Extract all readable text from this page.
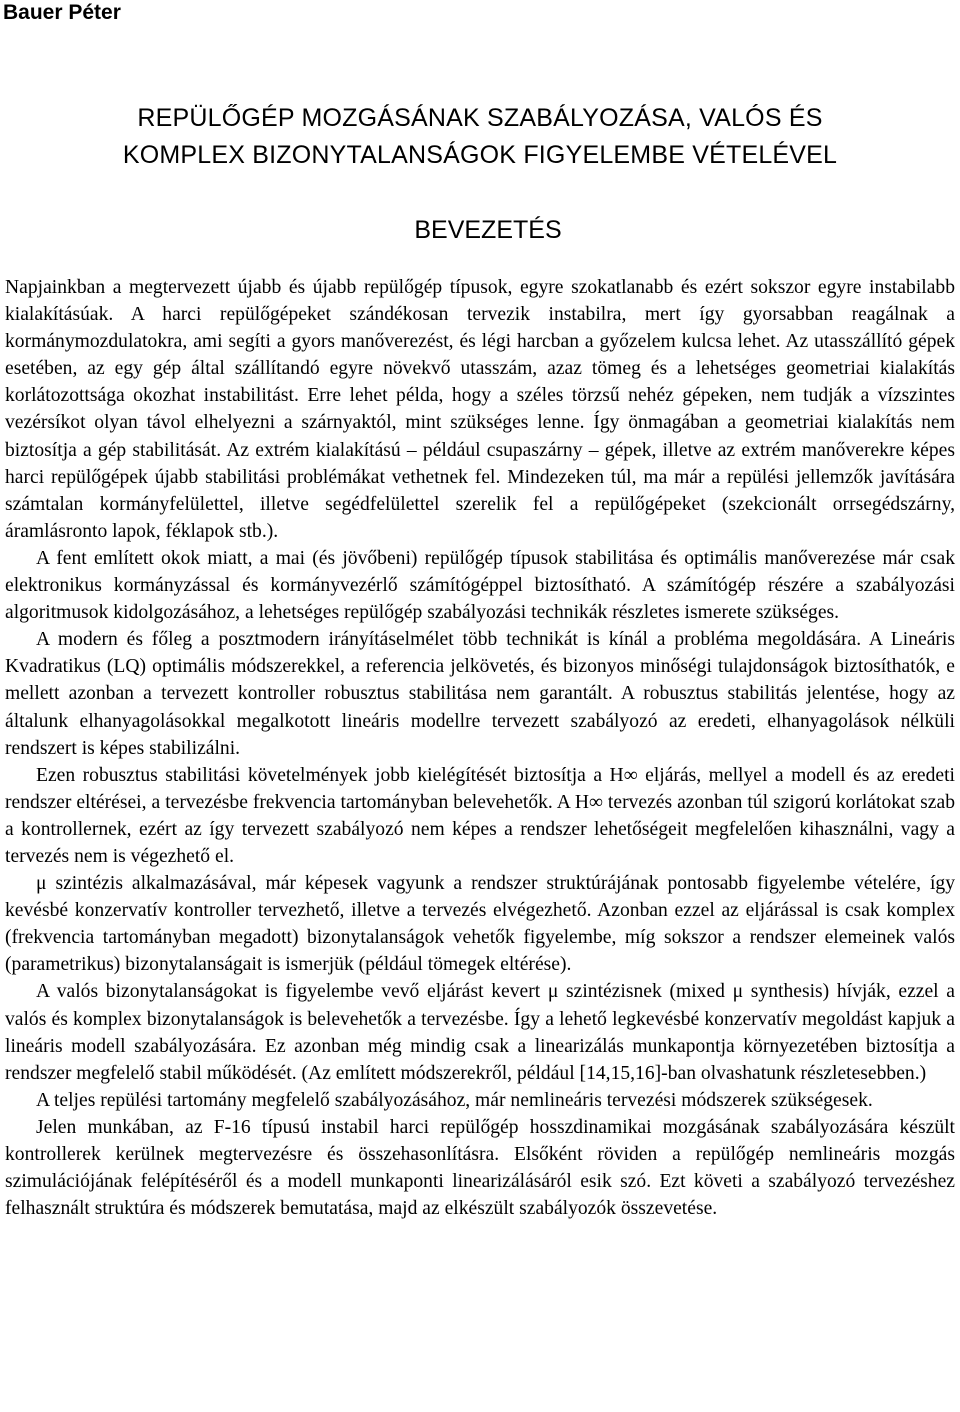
Bauer Péter
REPÜLŐGÉP MOZGÁSÁNAK SZABÁLYOZÁSA, VALÓS ÉS
KOMPLEX BIZONYTALANSÁGOK FIGYELEMBE VÉTELÉVEL
BEVEZETÉS

Napjainkban a megtervezett újabb és újabb repülőgép típusok, egyre szokatlanabb és ezért sokszor egyre instabilabb kialakításúak. A harci repülőgépeket szándékosan tervezik instabilra, mert így gyorsabban reagálnak a kormánymozdulatokra, ami segíti a gyors manőverezést, és légi harcban a győzelem kulcsa lehet. Az utasszállító gépek esetében, az egy gép által szállítandó egyre növekvő utasszám, azaz tömeg és a lehetséges geometriai kialakítás korlátozottsága okozhat instabilitást. Erre lehet példa, hogy a széles törzsű nehéz gépeken, nem tudják a vízszintes vezérsíkot olyan távol elhelyezni a szárnyaktól, mint szükséges lenne. Így önmagában a geometriai kialakítás nem biztosítja a gép stabilitását. Az extrém kialakítású – például csupaszárny – gépek, illetve az extrém manőverekre képes harci repülőgépek újabb stabilitási problémákat vethetnek fel. Mindezeken túl, ma már a repülési jellemzők javítására számtalan kormányfelülettel, illetve segédfelülettel szerelik fel a repülőgépeket (szekcionált orrsegédszárny, áramlásronto lapok, féklapok stb.).

A fent említett okok miatt, a mai (és jövőbeni) repülőgép típusok stabilitása és optimális manőverezése már csak elektronikus kormányzással és kormányvezérlő számítógéppel biztosítható. A számítógép részére a szabályozási algoritmusok kidolgozásához, a lehetséges repülőgép szabályozási technikák részletes ismerete szükséges.

A modern és főleg a posztmodern irányításelmélet több technikát is kínál a probléma megoldására. A Lineáris Kvadratikus (LQ) optimális módszerekkel, a referencia jelkövetés, és bizonyos minőségi tulajdonságok biztosíthatók, e mellett azonban a tervezett kontroller robusztus stabilitása nem garantált. A robusztus stabilitás jelentése, hogy az általunk elhanyagolásokkal megalkotott lineáris modellre tervezett szabályozó az eredeti, elhanyagolások nélküli rendszert is képes stabilizálni.

Ezen robusztus stabilitási követelmények jobb kielégítését biztosítja a H∞ eljárás, mellyel a modell és az eredeti rendszer eltérései, a tervezésbe frekvencia tartományban belevehetők. A H∞ tervezés azonban túl szigorú korlátokat szab a kontrollernek, ezért az így tervezett szabályozó nem képes a rendszer lehetőségeit megfelelően kihasználni, vagy a tervezés nem is végezhető el.

μ szintézis alkalmazásával, már képesek vagyunk a rendszer struktúrájának pontosabb figyelembe vételére, így kevésbé konzervatív kontroller tervezhető, illetve a tervezés elvégezhető. Azonban ezzel az eljárással is csak komplex (frekvencia tartományban megadott) bizonytalanságok vehetők figyelembe, míg sokszor a rendszer elemeinek valós (parametrikus) bizonytalanságait is ismerjük (például tömegek eltérése).

A valós bizonytalanságokat is figyelembe vevő eljárást kevert μ szintézisnek (mixed μ synthesis) hívják, ezzel a valós és komplex bizonytalanságok is belevehetők a tervezésbe. Így a lehető legkevésbé konzervatív megoldást kapjuk a lineáris modell szabályozására. Ez azonban még mindig csak a linearizálás munkapontja környezetében biztosítja a rendszer megfelelő stabil működését. (Az említett módszerekről, például [14,15,16]-ban olvashatunk részletesebben.)

A teljes repülési tartomány megfelelő szabályozásához, már nemlineáris tervezési módszerek szükségesek.

Jelen munkában, az F-16 típusú instabil harci repülőgép hosszdinamikai mozgásának szabályozására készült kontrollerek kerülnek megtervezésre és összehasonlításra. Elsőként röviden a repülőgép nemlineáris mozgás szimulációjának felépítéséről és a modell munkaponti linearizálásáról esik szó. Ezt követi a szabályozó tervezéshez felhasznált struktúra és módszerek bemutatása, majd az elkészült szabályozók összevetése.
